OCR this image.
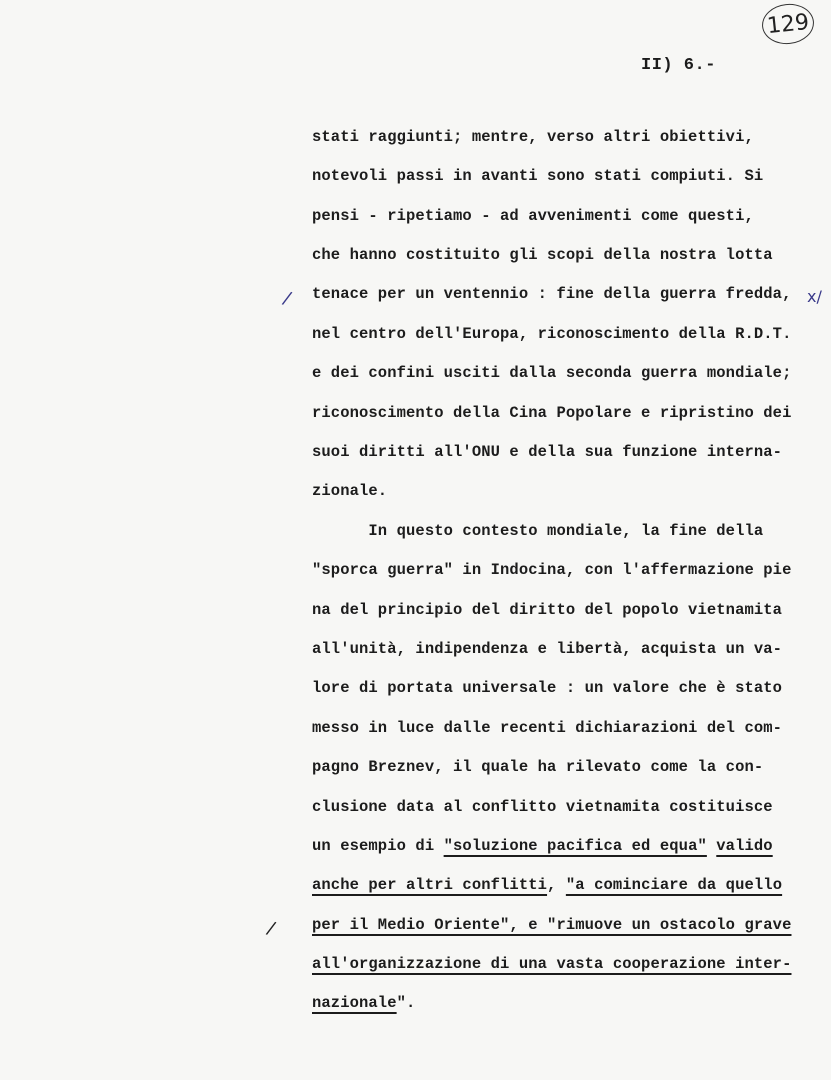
129
II) 6.-
stati raggiunti; mentre, verso altri obiettivi,
notevoli passi in avanti sono stati compiuti. Si
pensi - ripetiamo - ad avvenimenti come questi,
che hanno costituito gli scopi della nostra lotta
tenace per un ventennio : fine della guerra fredda,
nel centro dell'Europa, riconoscimento della R.D.T.
e dei confini usciti dalla seconda guerra mondiale;
riconoscimento della Cina Popolare e ripristino dei
suoi diritti all'ONU e della sua funzione interna-
zionale.
In questo contesto mondiale, la fine della
"sporca guerra" in Indocina, con l'affermazione pie
na del principio del diritto del popolo vietnamita
all'unità, indipendenza e libertà, acquista un va-
lore di portata universale : un valore che è stato
messo in luce dalle recenti dichiarazioni del com-
pagno Breznev, il quale ha rilevato come la con-
clusione data al conflitto vietnamita costituisce
un esempio di "soluzione pacifica ed equa" valido
anche per altri conflitti, "a cominciare da quello
per il Medio Oriente", e "rimuove un ostacolo grave
all'organizzazione di una vasta cooperazione inter-
nazionale".
/	x/
/
